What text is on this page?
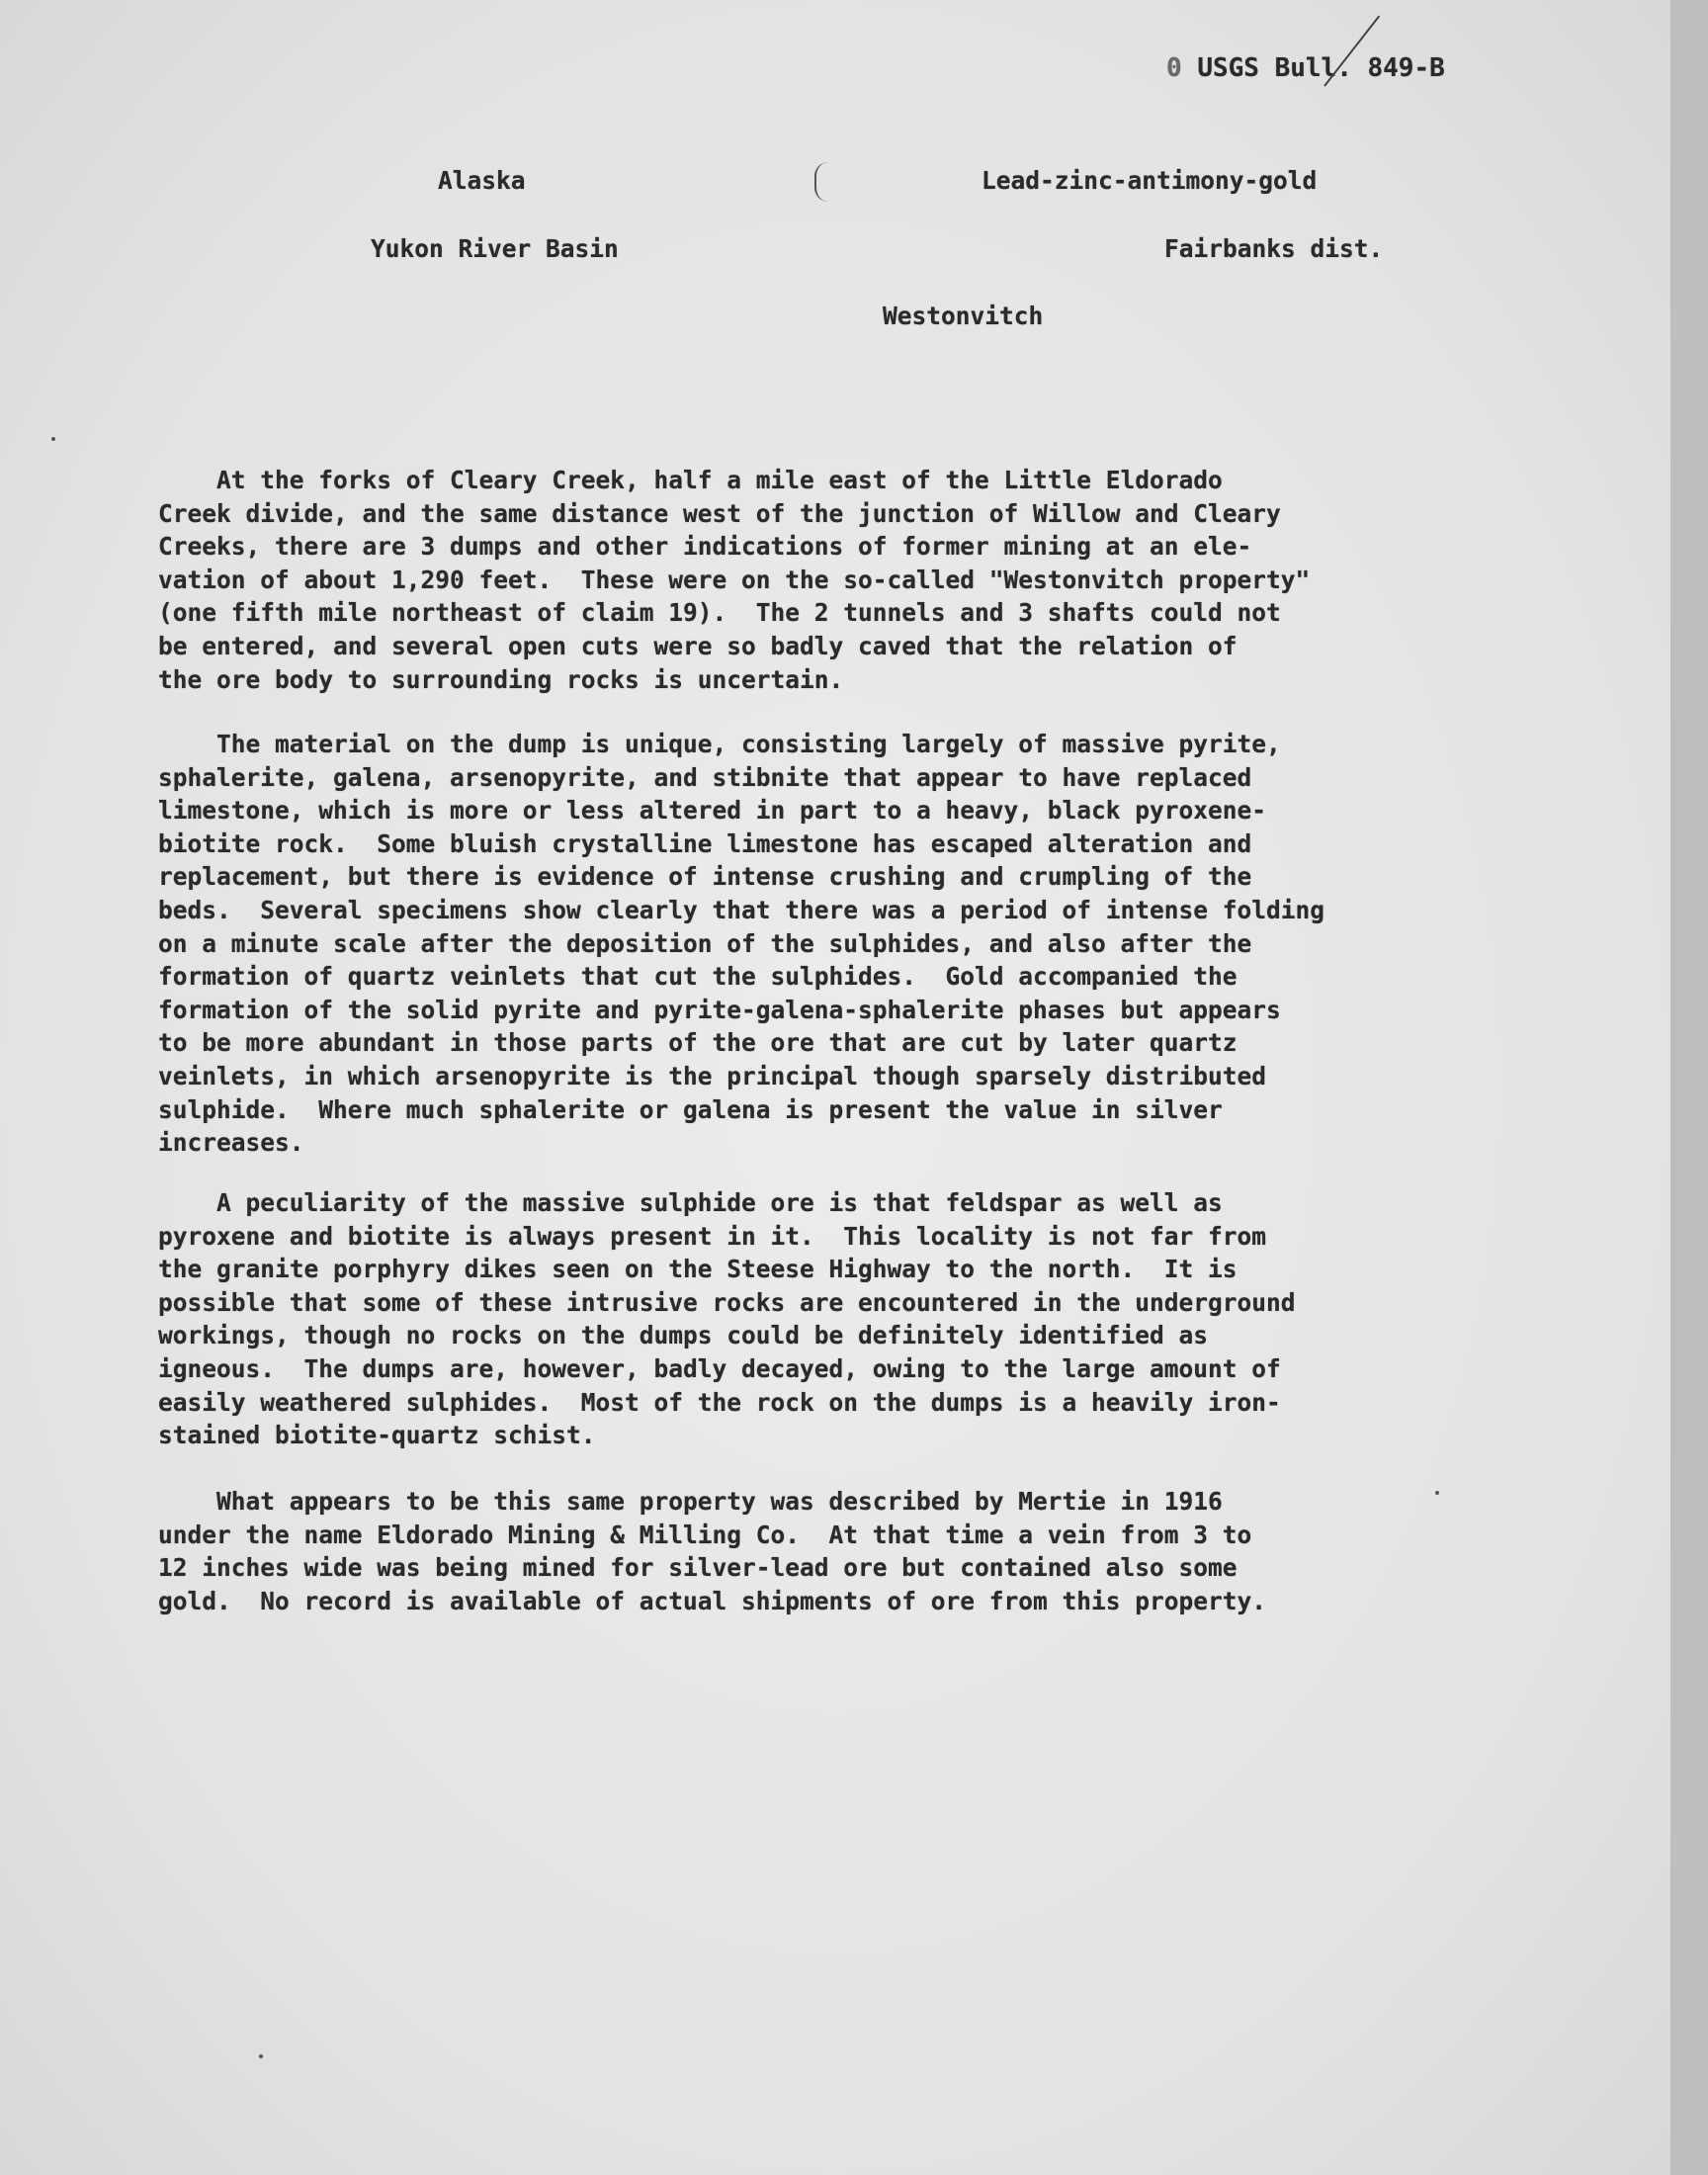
0 USGS Bull. 849-B
Alaska	Lead-zinc-antimony-gold
Yukon River Basin	Fairbanks dist.
Westonvitch
At the forks of Cleary Creek, half a mile east of the Little Eldorado
Creek divide, and the same distance west of the junction of Willow and Cleary
Creeks, there are 3 dumps and other indications of former mining at an ele-
vation of about 1,290 feet.  These were on the so-called "Westonvitch property"
(one fifth mile northeast of claim 19).  The 2 tunnels and 3 shafts could not
be entered, and several open cuts were so badly caved that the relation of
the ore body to surrounding rocks is uncertain.
The material on the dump is unique, consisting largely of massive pyrite,
sphalerite, galena, arsenopyrite, and stibnite that appear to have replaced
limestone, which is more or less altered in part to a heavy, black pyroxene-
biotite rock.  Some bluish crystalline limestone has escaped alteration and
replacement, but there is evidence of intense crushing and crumpling of the
beds.  Several specimens show clearly that there was a period of intense folding
on a minute scale after the deposition of the sulphides, and also after the
formation of quartz veinlets that cut the sulphides.  Gold accompanied the
formation of the solid pyrite and pyrite-galena-sphalerite phases but appears
to be more abundant in those parts of the ore that are cut by later quartz
veinlets, in which arsenopyrite is the principal though sparsely distributed
sulphide.  Where much sphalerite or galena is present the value in silver
increases.
A peculiarity of the massive sulphide ore is that feldspar as well as
pyroxene and biotite is always present in it.  This locality is not far from
the granite porphyry dikes seen on the Steese Highway to the north.  It is
possible that some of these intrusive rocks are encountered in the underground
workings, though no rocks on the dumps could be definitely identified as
igneous.  The dumps are, however, badly decayed, owing to the large amount of
easily weathered sulphides.  Most of the rock on the dumps is a heavily iron-
stained biotite-quartz schist.
What appears to be this same property was described by Mertie in 1916
under the name Eldorado Mining & Milling Co.  At that time a vein from 3 to
12 inches wide was being mined for silver-lead ore but contained also some
gold.  No record is available of actual shipments of ore from this property.
